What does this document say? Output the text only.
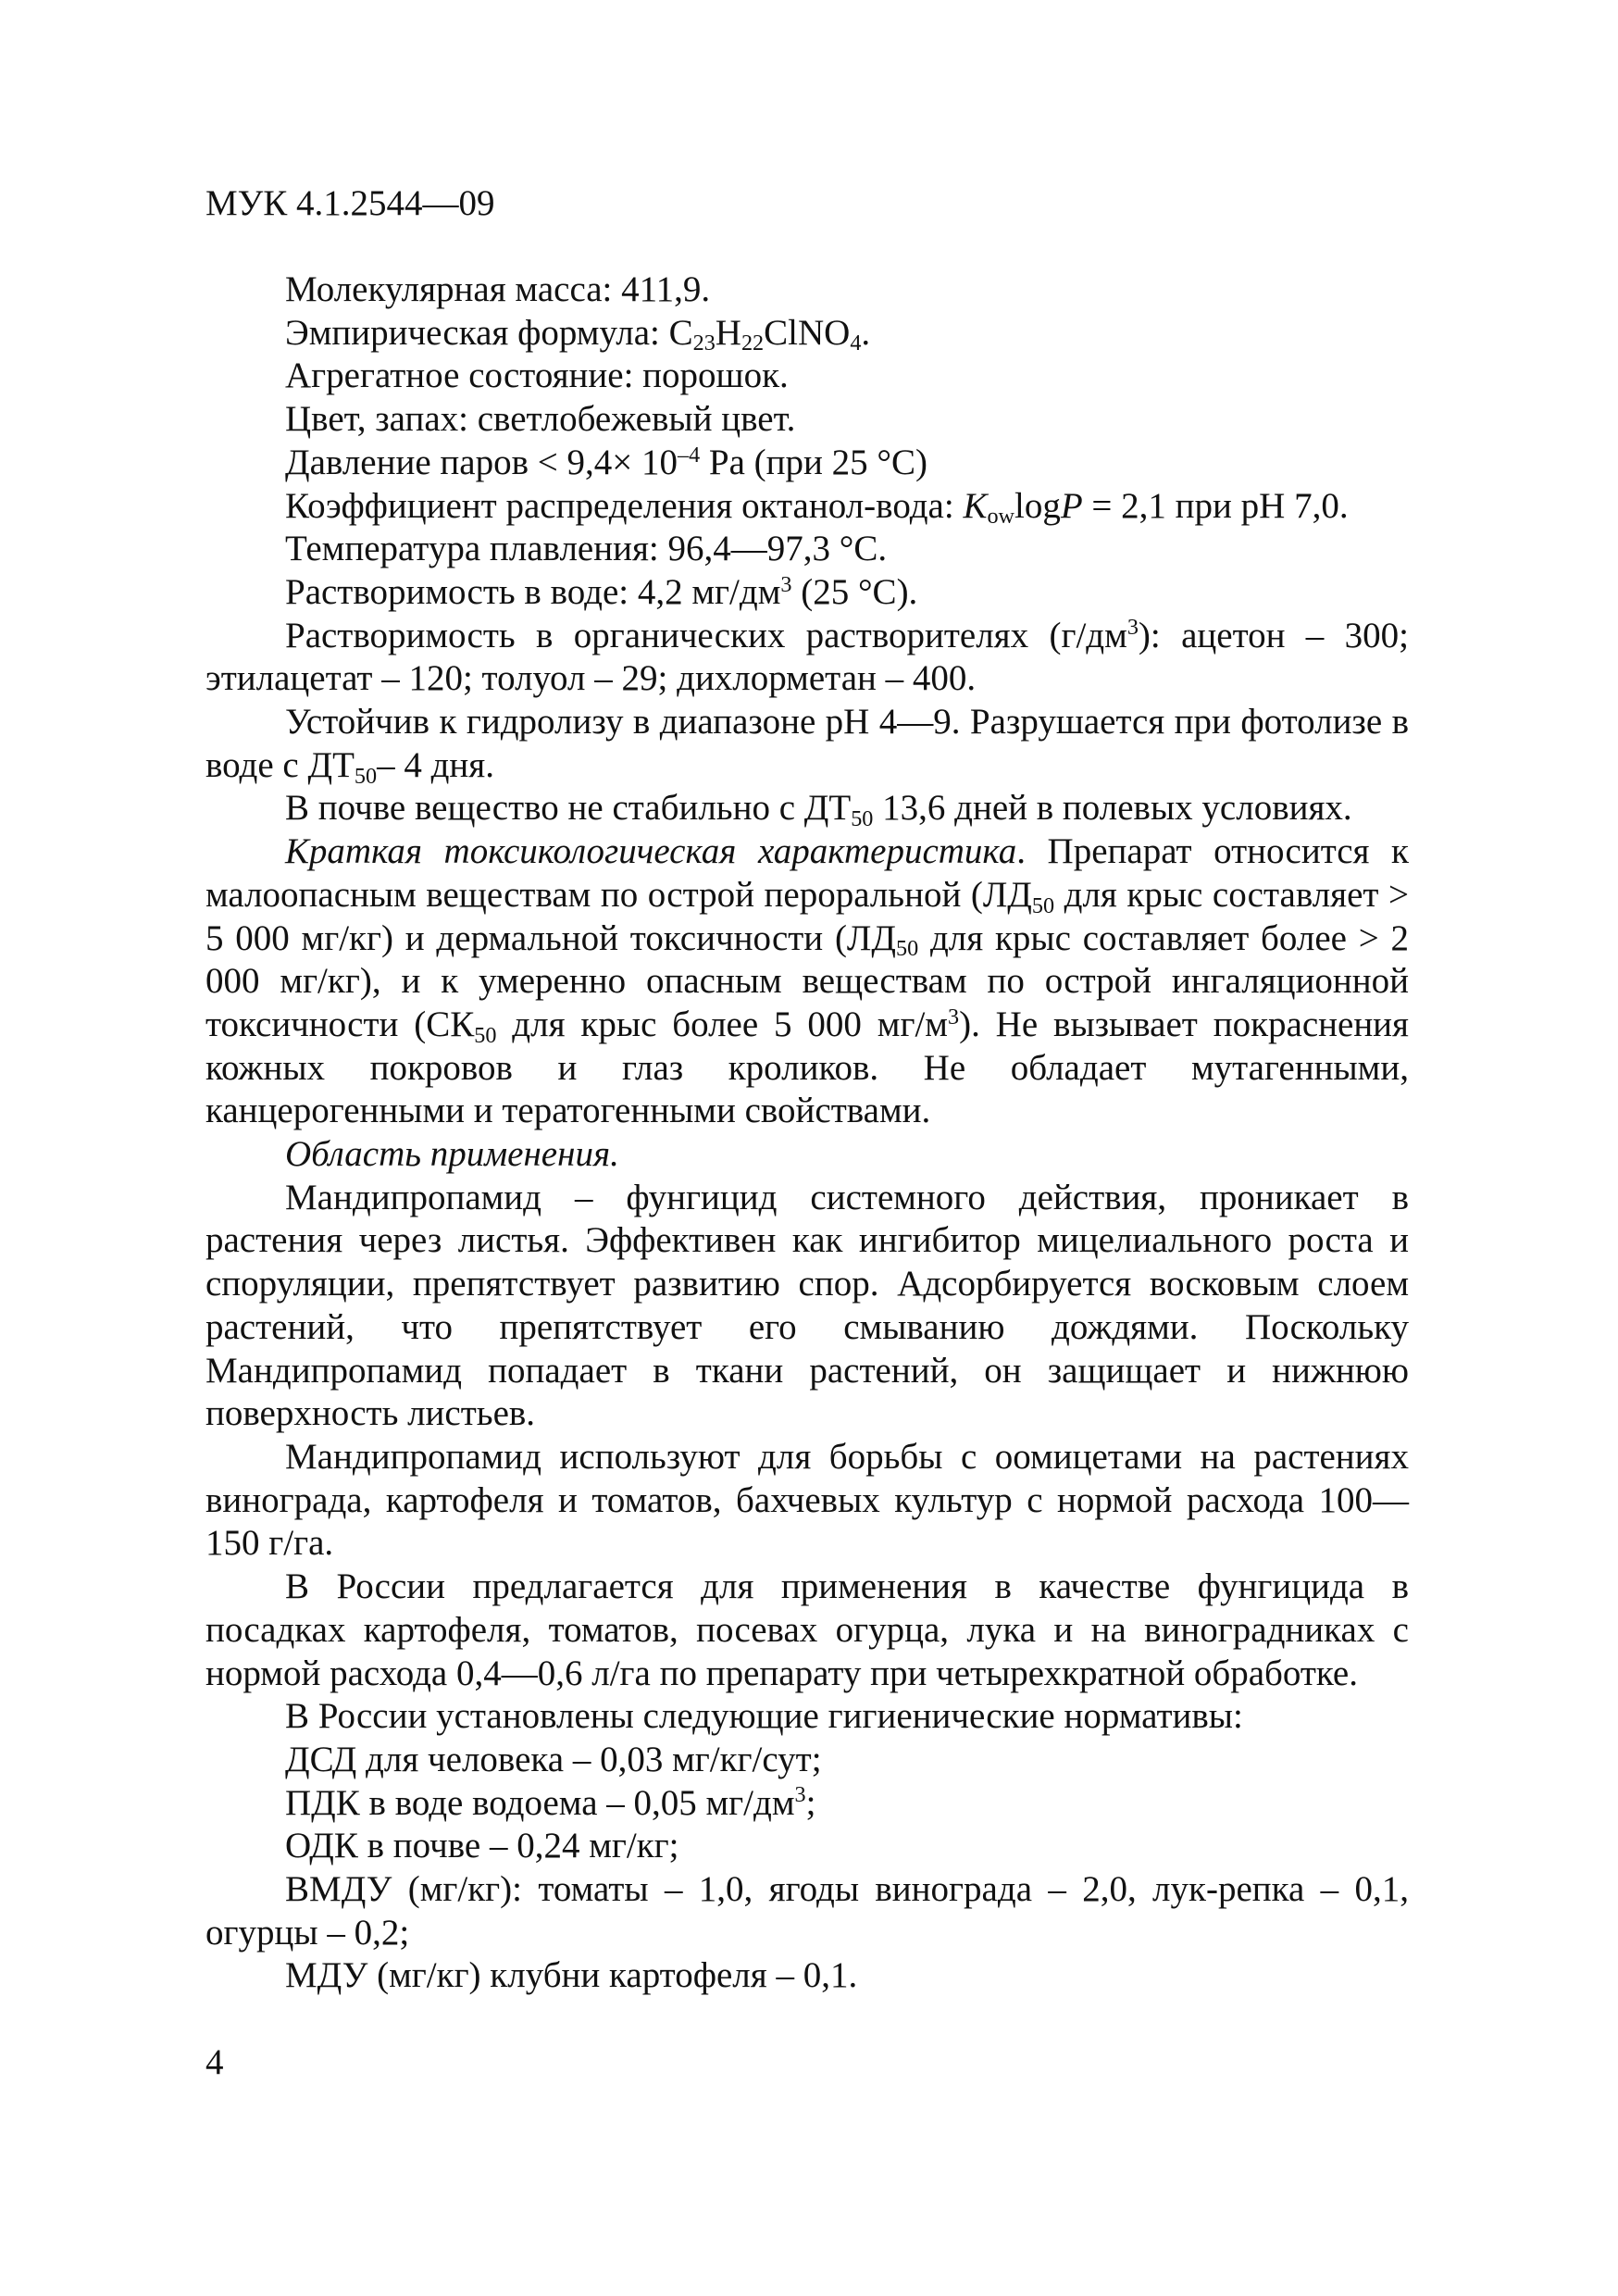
МУК 4.1.2544—09

Молекулярная масса: 411,9.

Эмпирическая формула: $C_{23}H_{22}ClNO_4$.

Агрегатное состояние: порошок.

Цвет, запах: светлобежевый цвет.

Давление паров < $9,4\times 10^{-4}$ Pa (при 25 °C)

Коэффициент распределения октанол-вода: $K_{ow}\log P = 2,1$ при pH 7,0.

Температура плавления: 96,4—97,3 °С.

Растворимость в воде: 4,2 $мг/дм^3$ (25 °С).

Растворимость в органических растворителях $(г/дм^3)$: ацетон – 300; этилацетат – 120; толуол – 29; дихлорметан – 400.

Устойчив к гидролизу в диапазоне pH 4—9. Разрушается при фотолизе в воде с $ДТ_{50}-$ 4 дня.

В почве вещество не стабильно с $ДТ_{50}$ 13,6 дней в полевых условиях.

Краткая токсикологическая характеристика. Препарат относится к малоопасным веществам по острой пероральной ($ЛД_{50}$ для крыс составляет > 5 000 мг/кг) и дермальной токсичности ($ЛД_{50}$ для крыс составляет более > 2 000 мг/кг), и к умеренно опасным веществам по острой ингаляционной токсичности ($СК_{50}$ для крыс более 5 000 $мг/м^3$). Не вызывает покраснения кожных покровов и глаз кроликов. Не обладает мутагенными, канцерогенными и тератогенными свойствами.

Область применения.

Мандипропамид – фунгицид системного действия, проникает в растения через листья. Эффективен как ингибитор мицелиального роста и споруляции, препятствует развитию спор. Адсорбируется восковым слоем растений, что препятствует его смыванию дождями. Поскольку Мандипропамид попадает в ткани растений, он защищает и нижнюю поверхность листьев.

Мандипропамид используют для борьбы с оомицетами на растениях винограда, картофеля и томатов, бахчевых культур с нормой расхода 100—150 г/га.

В России предлагается для применения в качестве фунгицида в посадках картофеля, томатов, посевах огурца, лука и на виноградниках с нормой расхода 0,4—0,6 л/га по препарату при четырехкратной обработке.

В России установлены следующие гигиенические нормативы:

ДСД для человека – 0,03 мг/кг/сут;

ПДК в воде водоема – 0,05 $мг/дм^3$;

ОДК в почве – 0,24 мг/кг;

ВМДУ (мг/кг): томаты – 1,0, ягоды винограда – 2,0, лук-репка – 0,1, огурцы – 0,2;

МДУ (мг/кг) клубни картофеля – 0,1.

4
